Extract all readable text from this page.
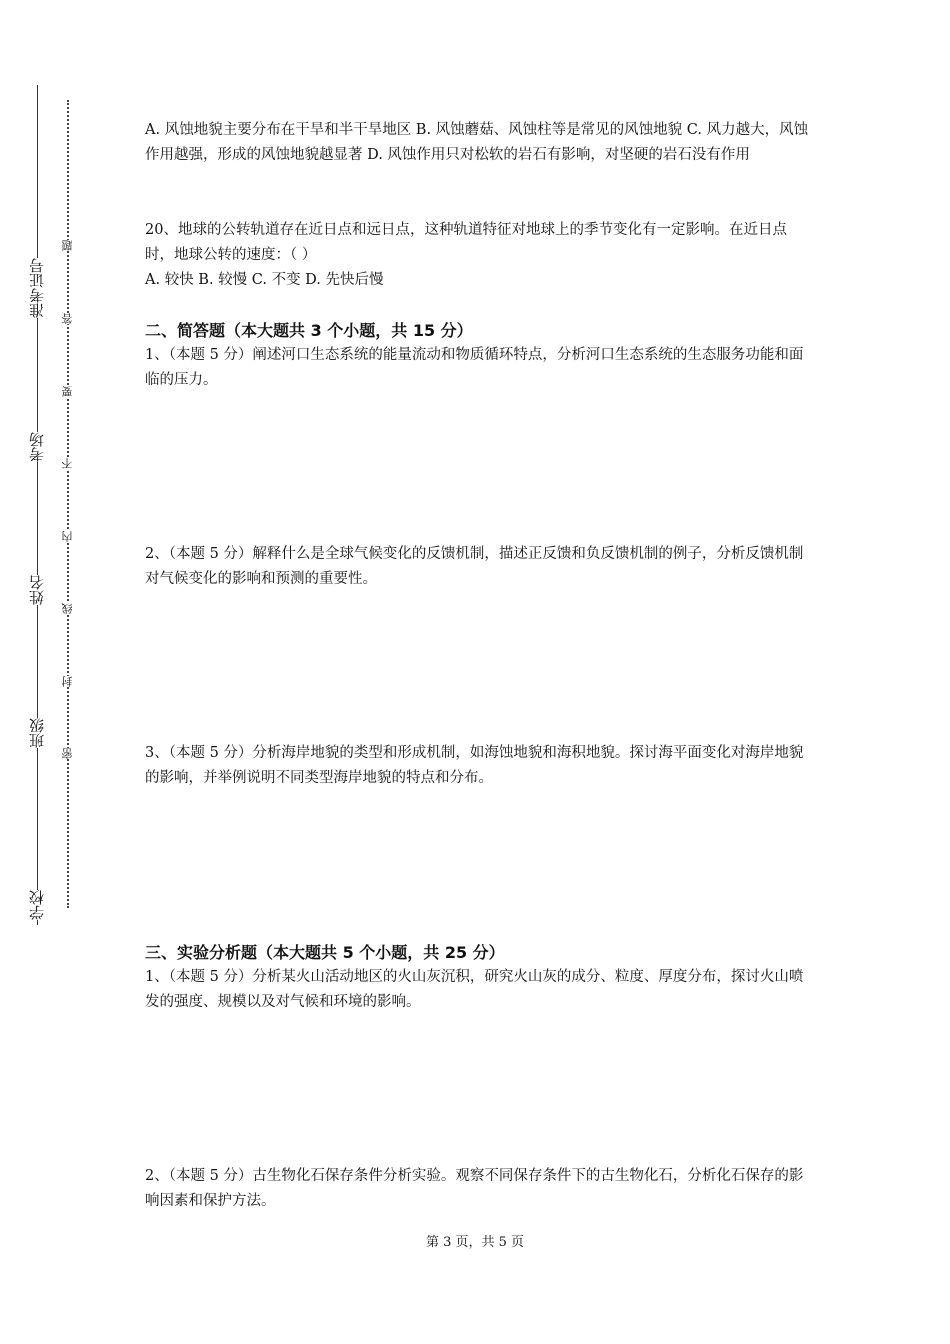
准考证号
考场
姓名
班级
学校
题
答
要
不
内
线
封
密

A. 风蚀地貌主要分布在干旱和半干旱地区 B. 风蚀蘑菇、风蚀柱等是常见的风蚀地貌 C. 风力越大，风蚀作用越强，形成的风蚀地貌越显著 D. 风蚀作用只对松软的岩石有影响，对坚硬的岩石没有作用

20、地球的公转轨道存在近日点和远日点，这种轨道特征对地球上的季节变化有一定影响。在近日点时，地球公转的速度：（ ）

A. 较快 B. 较慢 C. 不变 D. 先快后慢

二、简答题（本大题共 3 个小题，共 15 分）

1、（本题 5 分）阐述河口生态系统的能量流动和物质循环特点，分析河口生态系统的生态服务功能和面临的压力。

2、（本题 5 分）解释什么是全球气候变化的反馈机制，描述正反馈和负反馈机制的例子，分析反馈机制对气候变化的影响和预测的重要性。

3、（本题 5 分）分析海岸地貌的类型和形成机制，如海蚀地貌和海积地貌。探讨海平面变化对海岸地貌的影响，并举例说明不同类型海岸地貌的特点和分布。

三、实验分析题（本大题共 5 个小题，共 25 分）

1、（本题 5 分）分析某火山活动地区的火山灰沉积，研究火山灰的成分、粒度、厚度分布，探讨火山喷发的强度、规模以及对气候和环境的影响。

2、（本题 5 分）古生物化石保存条件分析实验。观察不同保存条件下的古生物化石，分析化石保存的影响因素和保护方法。

第 3 页，共 5 页
